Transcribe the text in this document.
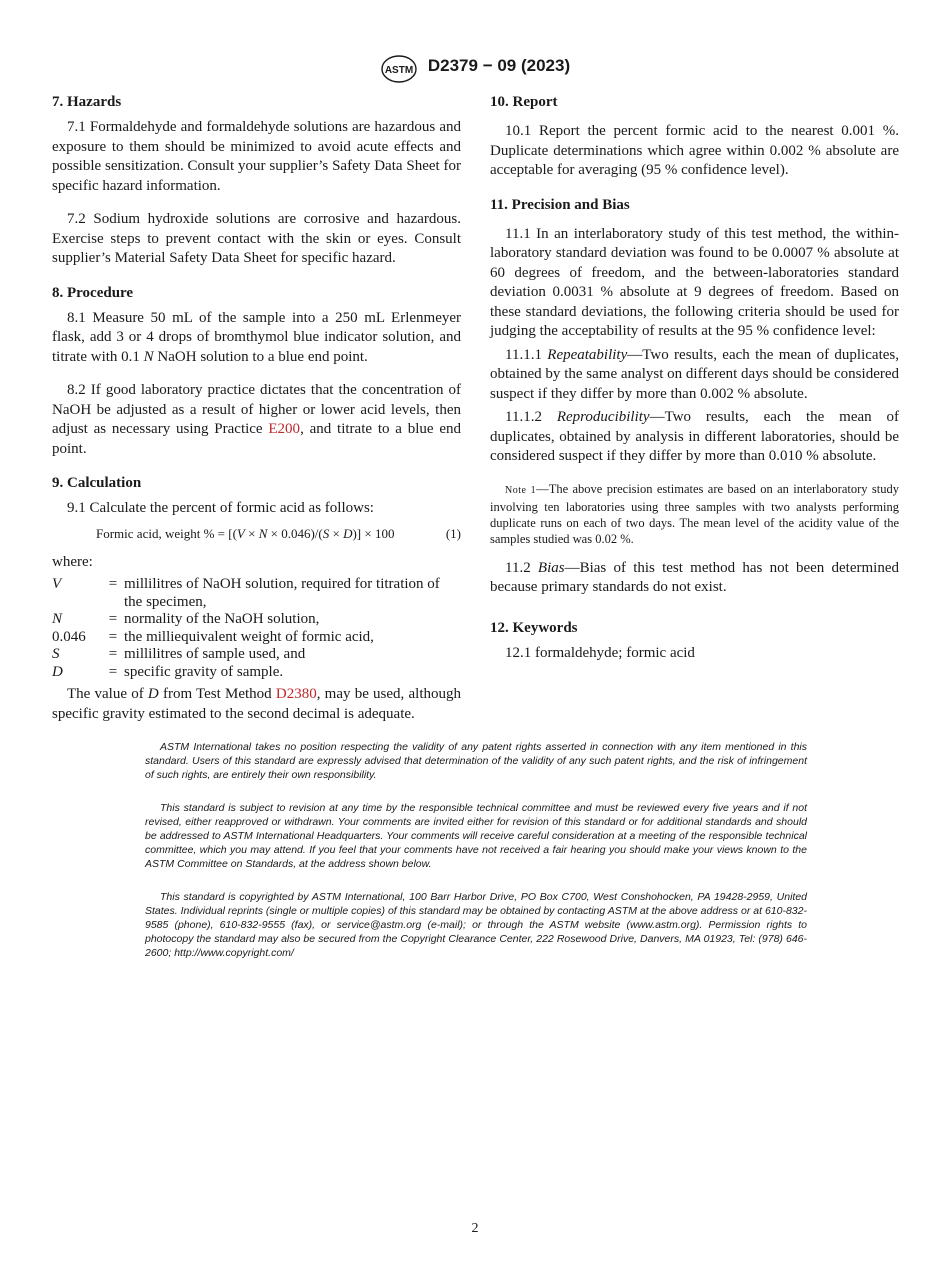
ASTM D2379 − 09 (2023)
7. Hazards

7.1 Formaldehyde and formaldehyde solutions are hazardous and exposure to them should be minimized to avoid acute effects and possible sensitization. Consult your supplier’s Safety Data Sheet for specific hazard information.

7.2 Sodium hydroxide solutions are corrosive and hazardous. Exercise steps to prevent contact with the skin or eyes. Consult supplier’s Material Safety Data Sheet for specific hazard.

8. Procedure

8.1 Measure 50 mL of the sample into a 250 mL Erlenmeyer flask, add 3 or 4 drops of bromthymol blue indicator solution, and titrate with 0.1 N NaOH solution to a blue end point.

8.2 If good laboratory practice dictates that the concentration of NaOH be adjusted as a result of higher or lower acid levels, then adjust as necessary using Practice E200, and titrate to a blue end point.

9. Calculation

9.1 Calculate the percent of formic acid as follows:

Formic acid, weight % = [(V × N × 0.046)/(S × D)] × 100	(1)

where:

V	=	millilitres of NaOH solution, required for titration of the specimen,
N	=	normality of the NaOH solution,
0.046	=	the milliequivalent weight of formic acid,
S	=	millilitres of sample used, and
D	=	specific gravity of sample.

The value of D from Test Method D2380, may be used, although specific gravity estimated to the second decimal is adequate.

10. Report

10.1 Report the percent formic acid to the nearest 0.001 %. Duplicate determinations which agree within 0.002 % absolute are acceptable for averaging (95 % confidence level).

11. Precision and Bias

11.1 In an interlaboratory study of this test method, the within-laboratory standard deviation was found to be 0.0007 % absolute at 60 degrees of freedom, and the between-laboratories standard deviation 0.0031 % absolute at 9 degrees of freedom. Based on these standard deviations, the following criteria should be used for judging the acceptability of results at the 95 % confidence level:

11.1.1 Repeatability—Two results, each the mean of duplicates, obtained by the same analyst on different days should be considered suspect if they differ by more than 0.002 % absolute.

11.1.2 Reproducibility—Two results, each the mean of duplicates, obtained by analysis in different laboratories, should be considered suspect if they differ by more than 0.010 % absolute.

Note 1—The above precision estimates are based on an interlaboratory study involving ten laboratories using three samples with two analysts performing duplicate runs on each of two days. The mean level of the acidity value of the samples studied was 0.02 %.

11.2 Bias—Bias of this test method has not been determined because primary standards do not exist.

12. Keywords

12.1 formaldehyde; formic acid

ASTM International takes no position respecting the validity of any patent rights asserted in connection with any item mentioned in this standard. Users of this standard are expressly advised that determination of the validity of any such patent rights, and the risk of infringement of such rights, are entirely their own responsibility.

This standard is subject to revision at any time by the responsible technical committee and must be reviewed every five years and if not revised, either reapproved or withdrawn. Your comments are invited either for revision of this standard or for additional standards and should be addressed to ASTM International Headquarters. Your comments will receive careful consideration at a meeting of the responsible technical committee, which you may attend. If you feel that your comments have not received a fair hearing you should make your views known to the ASTM Committee on Standards, at the address shown below.

This standard is copyrighted by ASTM International, 100 Barr Harbor Drive, PO Box C700, West Conshohocken, PA 19428-2959, United States. Individual reprints (single or multiple copies) of this standard may be obtained by contacting ASTM at the above address or at 610-832-9585 (phone), 610-832-9555 (fax), or service@astm.org (e-mail); or through the ASTM website (www.astm.org). Permission rights to photocopy the standard may also be secured from the Copyright Clearance Center, 222 Rosewood Drive, Danvers, MA 01923, Tel: (978) 646-2600; http://www.copyright.com/

2
